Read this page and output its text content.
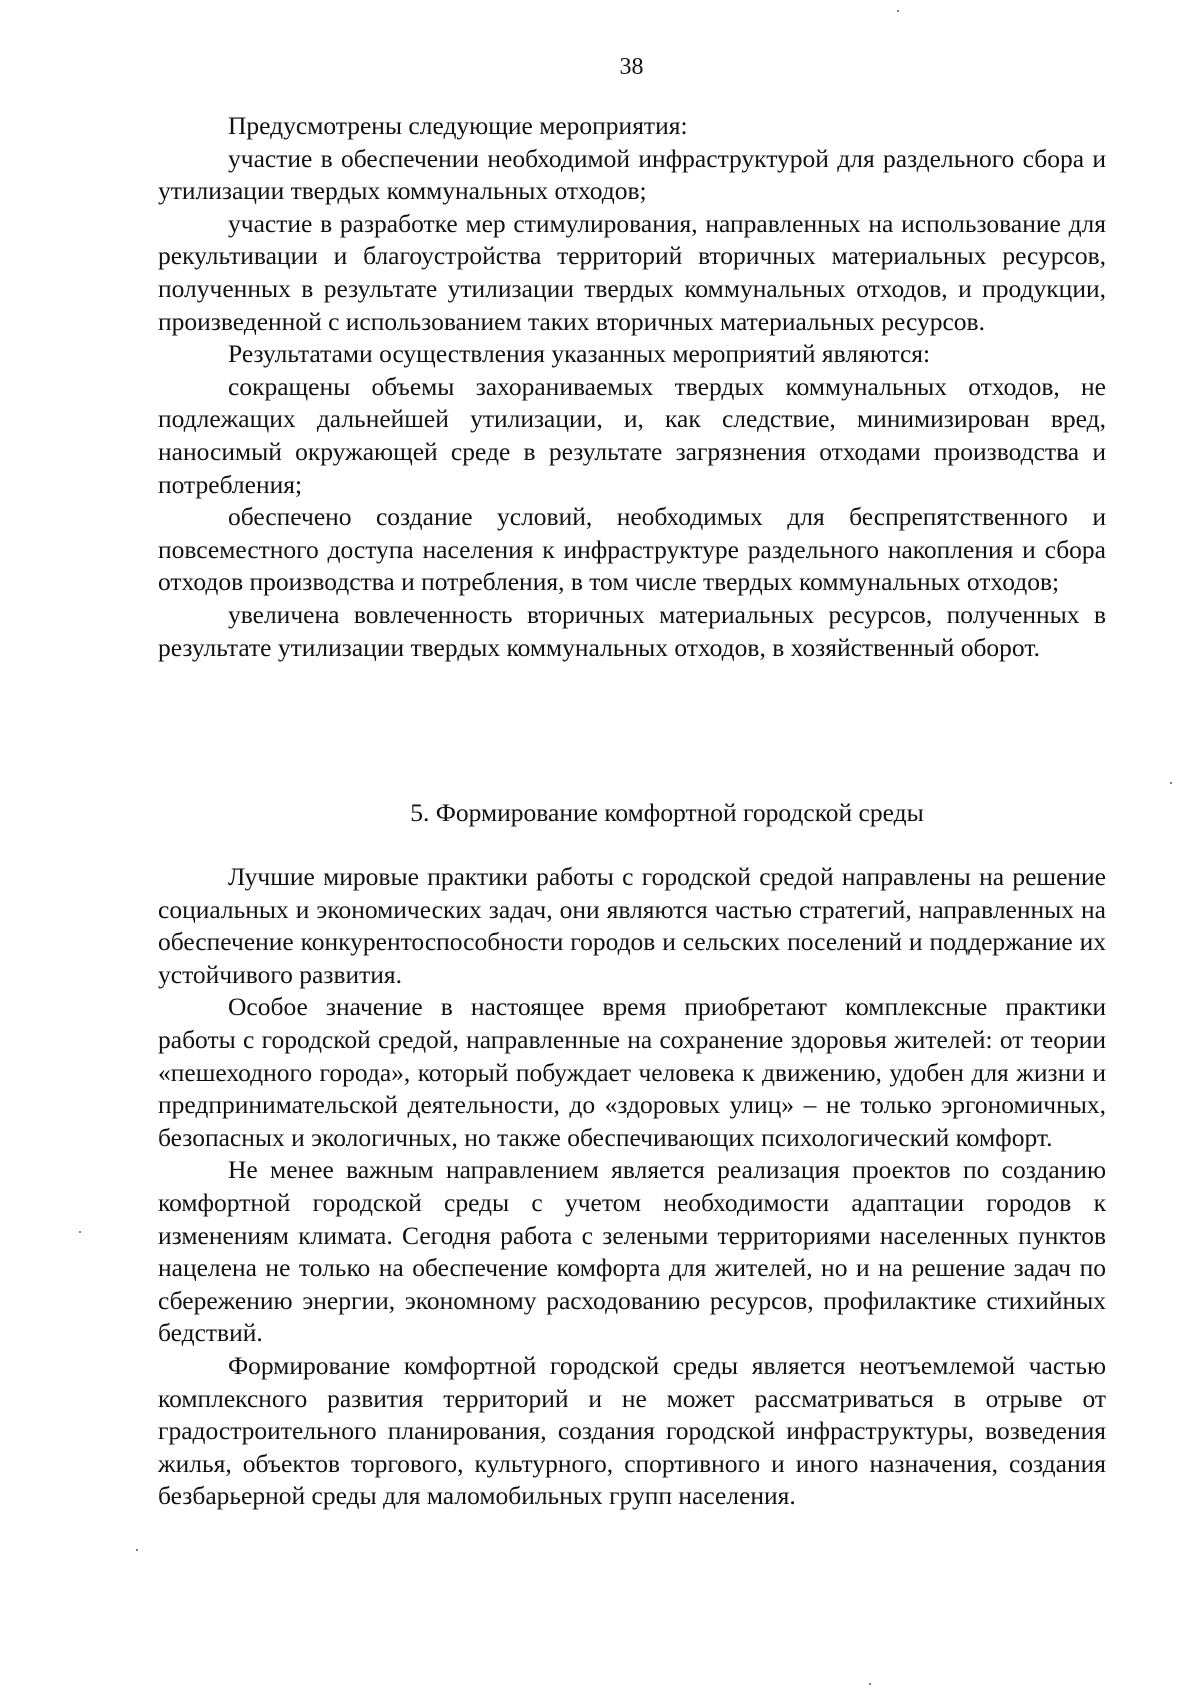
38

Предусмотрены следующие мероприятия:

участие в обеспечении необходимой инфраструктурой для раздельного сбора и утилизации твердых коммунальных отходов;

участие в разработке мер стимулирования, направленных на использование для рекультивации и благоустройства территорий вторичных материальных ресурсов, полученных в результате утилизации твердых коммунальных отходов, и продукции, произведенной с использованием таких вторичных материальных ресурсов.

Результатами осуществления указанных мероприятий являются:

сокращены объемы захораниваемых твердых коммунальных отходов, не подлежащих дальнейшей утилизации, и, как следствие, минимизирован вред, наносимый окружающей среде в результате загрязнения отходами производства и потребления;

обеспечено создание условий, необходимых для беспрепятственного и повсеместного доступа населения к инфраструктуре раздельного накопления и сбора отходов производства и потребления, в том числе твердых коммунальных отходов;

увеличена вовлеченность вторичных материальных ресурсов, полученных в результате утилизации твердых коммунальных отходов, в хозяйственный оборот.

5. Формирование комфортной городской среды

Лучшие мировые практики работы с городской средой направлены на решение социальных и экономических задач, они являются частью стратегий, направленных на обеспечение конкурентоспособности городов и сельских поселений и поддержание их устойчивого развития.

Особое значение в настоящее время приобретают комплексные практики работы с городской средой, направленные на сохранение здоровья жителей: от теории «пешеходного города», который побуждает человека к движению, удобен для жизни и предпринимательской деятельности, до «здоровых улиц» – не только эргономичных, безопасных и экологичных, но также обеспечивающих психологический комфорт.

Не менее важным направлением является реализация проектов по созданию комфортной городской среды с учетом необходимости адаптации городов к изменениям климата. Сегодня работа с зелеными территориями населенных пунктов нацелена не только на обеспечение комфорта для жителей, но и на решение задач по сбережению энергии, экономному расходованию ресурсов, профилактике стихийных бедствий.

Формирование комфортной городской среды является неотъемлемой частью комплексного развития территорий и не может рассматриваться в отрыве от градостроительного планирования, создания городской инфраструктуры, возведения жилья, объектов торгового, культурного, спортивного и иного назначения, создания безбарьерной среды для маломобильных групп населения.
